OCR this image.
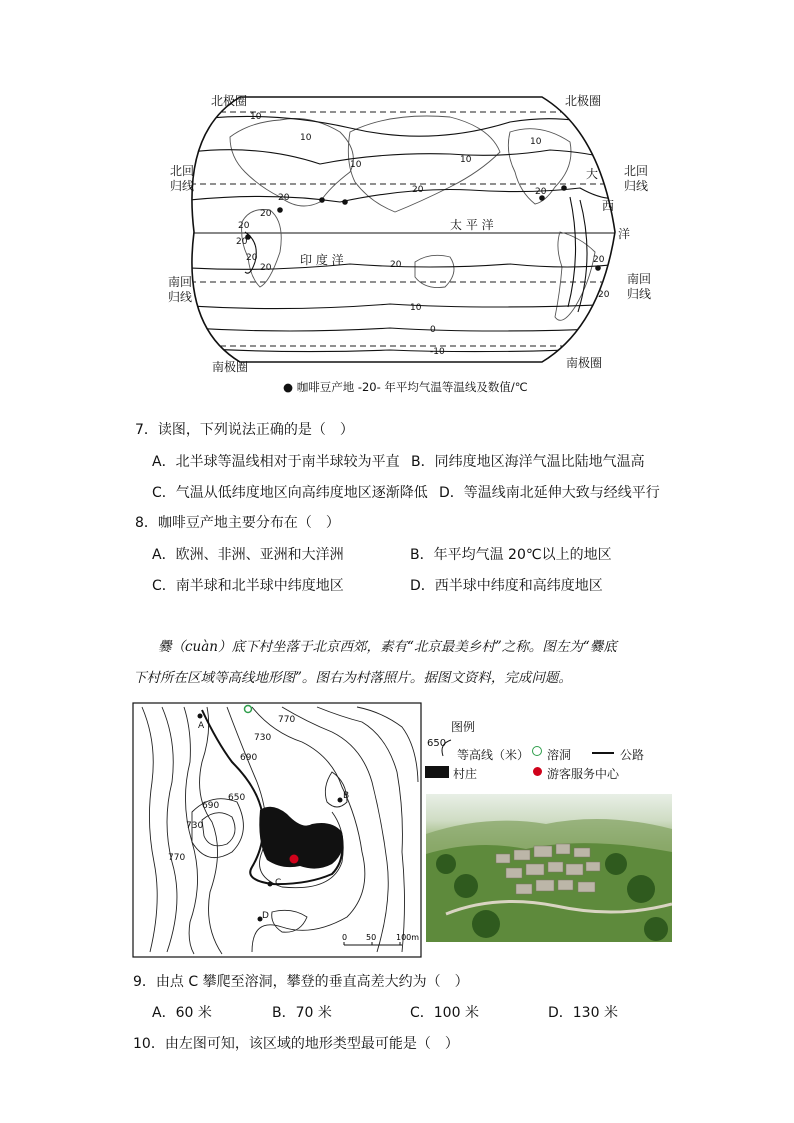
10
10
10	10
10
20
20
20	20
20
20
20
20
20
20
20
10
0
-10
太 平 洋
印 度 洋
大
西
洋
北极圈	北极圈
北回
归线
北回
归线
南回
归线
南回
归线
南极圈	南极圈
● 咖啡豆产地 -20- 年平均气温等温线及数值/℃
7．读图，下列说法正确的是（　）
A．北半球等温线相对于南半球较为平直 B．同纬度地区海洋气温比陆地气温高
C．气温从低纬度地区向高纬度地区逐渐降低 D．等温线南北延伸大致与经线平行
8．咖啡豆产地主要分布在（　）
A．欧洲、非洲、亚洲和大洋洲	B．年平均气温 20℃以上的地区
C．南半球和北半球中纬度地区	D．西半球中纬度和高纬度地区
爨（cuàn）底下村坐落于北京西郊，素有“北京最美乡村”之称。图左为“爨底
下村所在区域等高线地形图”。图右为村落照片。据图文资料，完成问题。
A
B
C
D
770
730
690
650
690
730
770
0 50 100m
图例
650
等高线（米） 溶洞	公路
村庄	游客服务中心
9．由点 C 攀爬至溶洞，攀登的垂直高差大约为（　）
A．60 米	B．70 米	C．100 米	D．130 米
10．由左图可知，该区域的地形类型最可能是（　）
